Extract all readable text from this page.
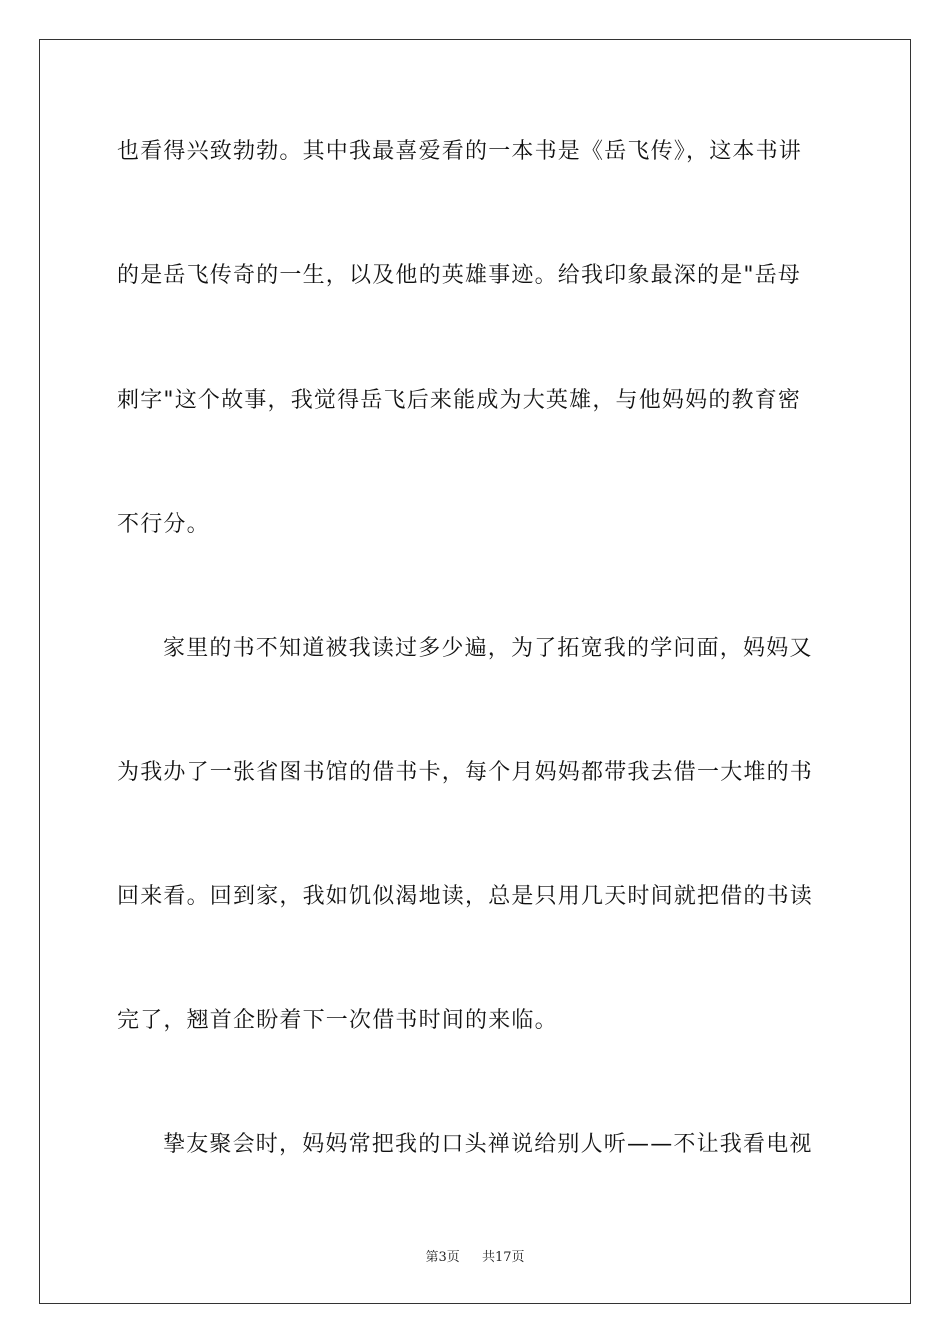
也看得兴致勃勃。其中我最喜爱看的一本书是《岳飞传》，这本书讲
的是岳飞传奇的一生，以及他的英雄事迹。给我印象最深的是"岳母
刺字"这个故事，我觉得岳飞后来能成为大英雄，与他妈妈的教育密
不行分。
家里的书不知道被我读过多少遍，为了拓宽我的学问面，妈妈又
为我办了一张省图书馆的借书卡，每个月妈妈都带我去借一大堆的书
回来看。回到家，我如饥似渴地读，总是只用几天时间就把借的书读
完了，翘首企盼着下一次借书时间的来临。
挚友聚会时，妈妈常把我的口头禅说给别人听——不让我看电视
第3页 共17页
